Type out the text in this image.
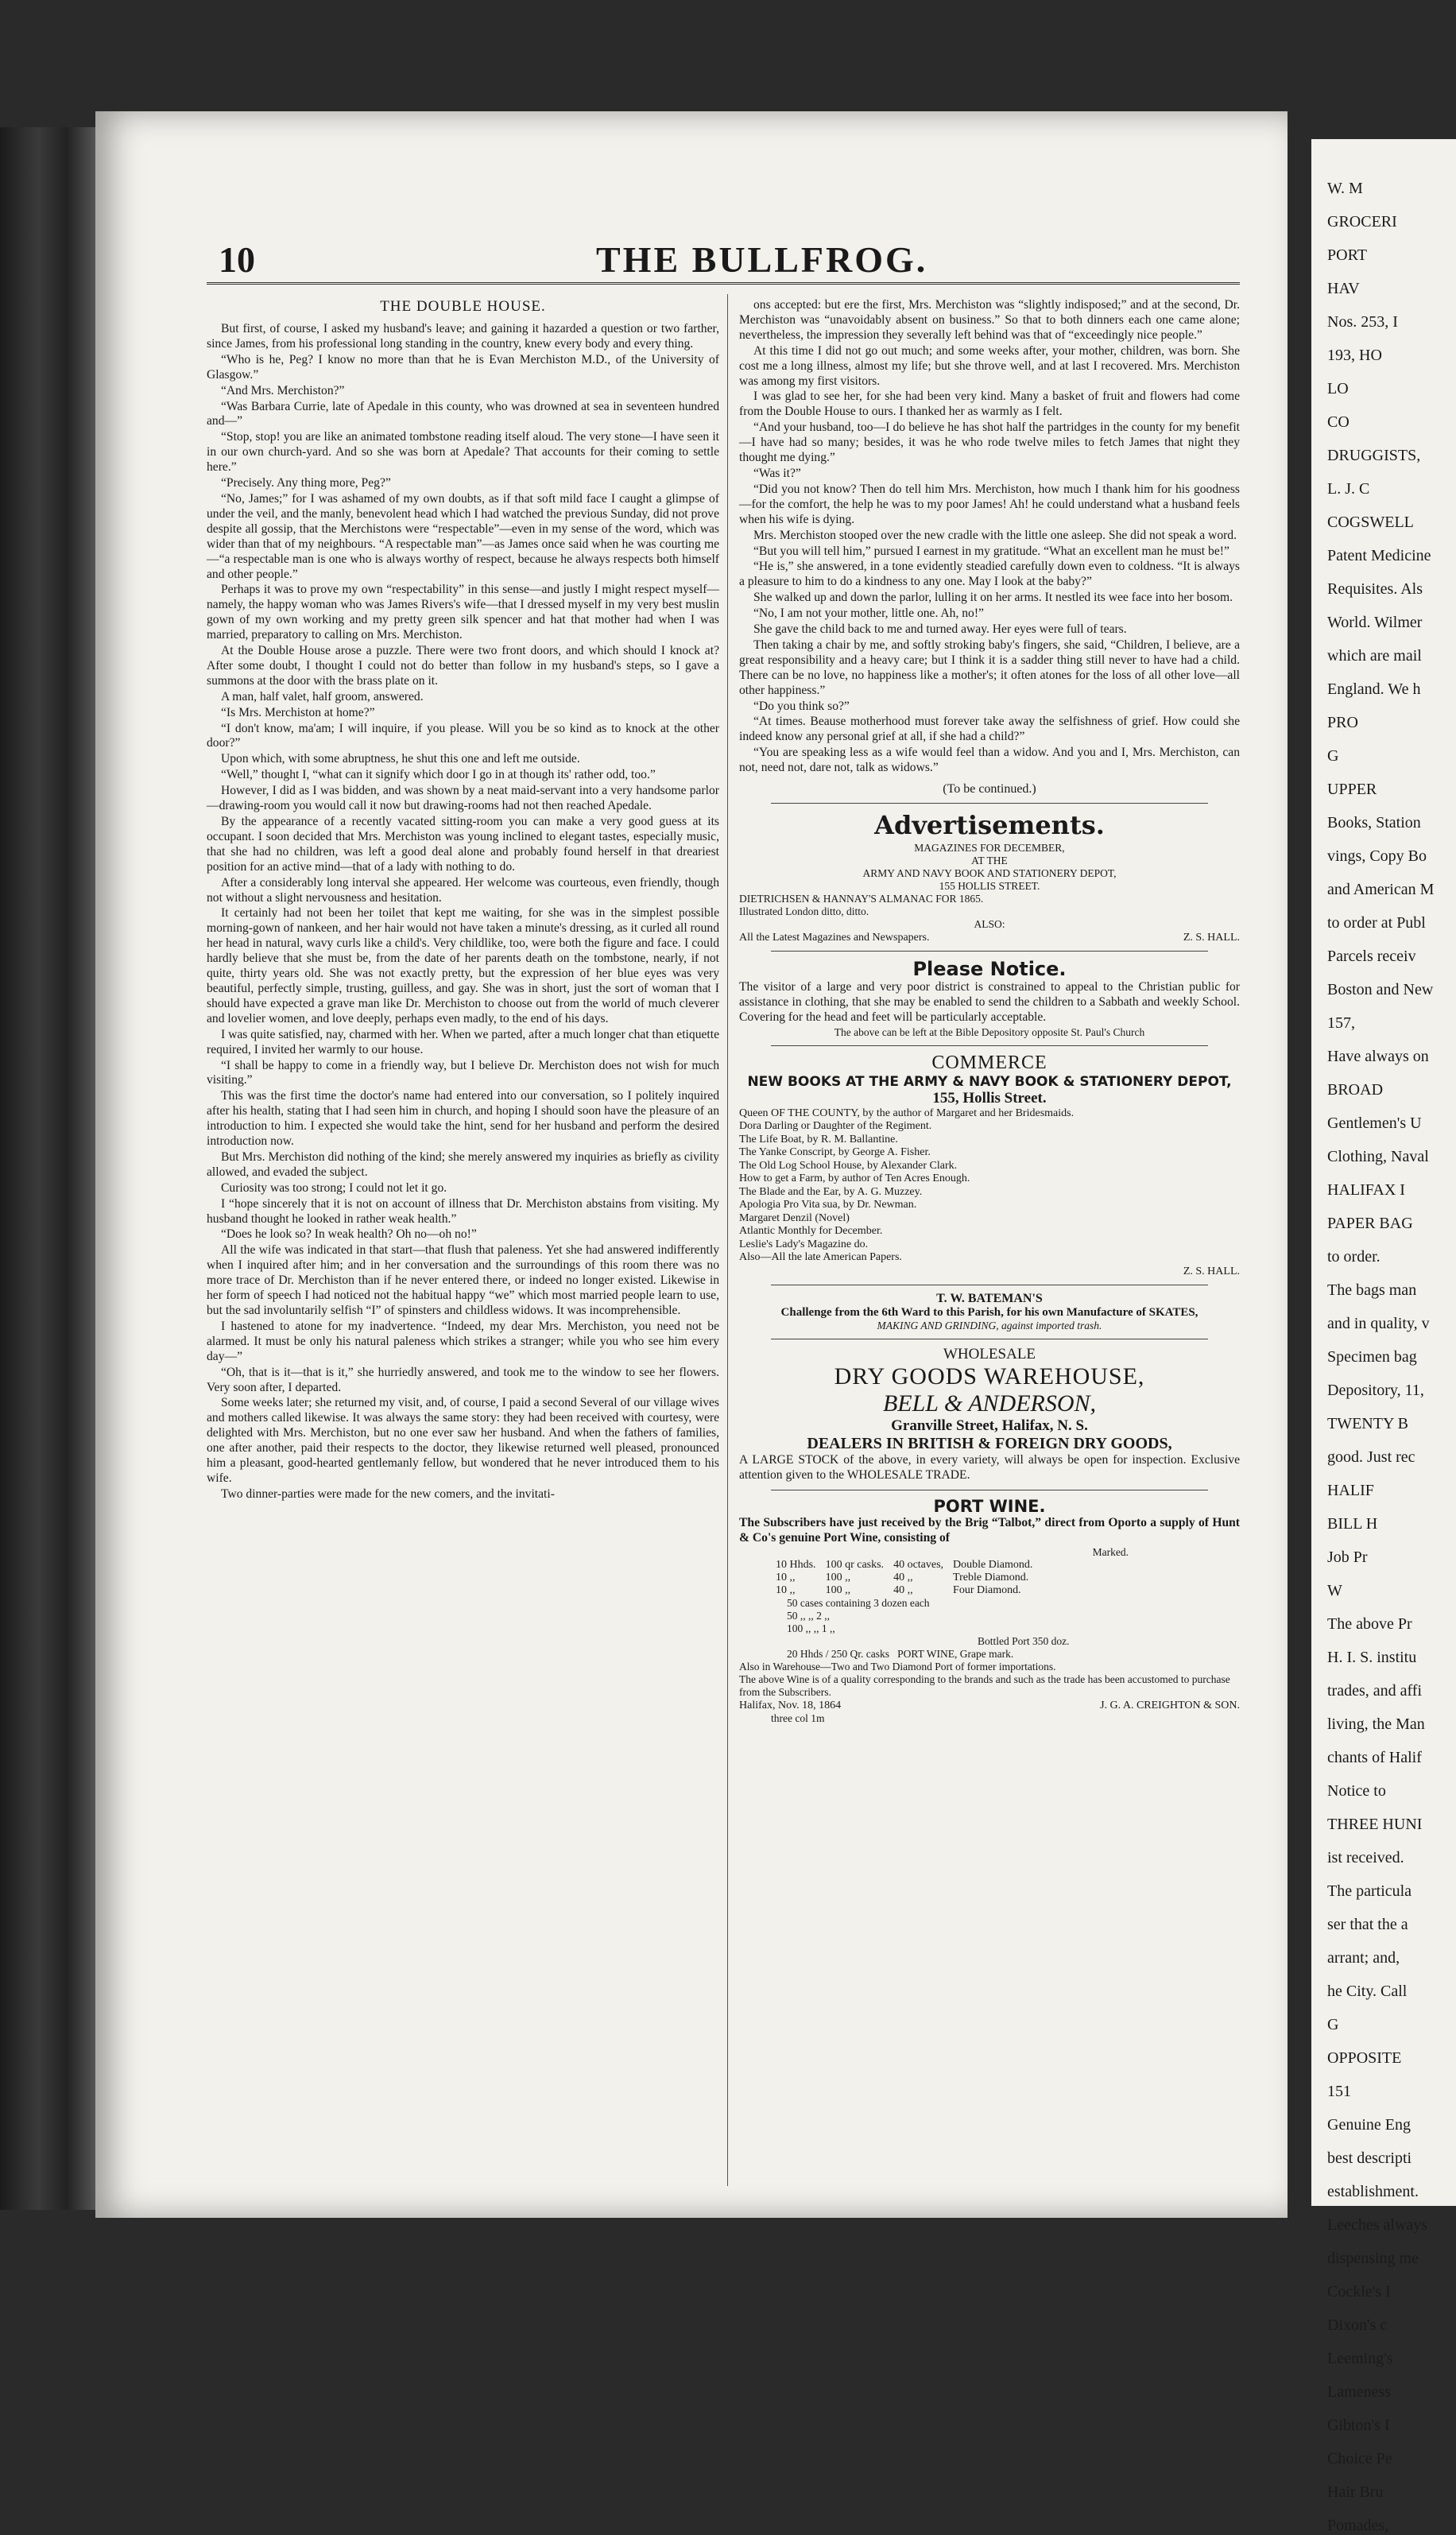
10	THE BULLFROG.
THE DOUBLE HOUSE.

But first, of course, I asked my husband's leave; and gaining it hazarded a question or two farther, since James, from his professional long standing in the country, knew every body and every thing.

“Who is he, Peg? I know no more than that he is Evan Merchiston M.D., of the University of Glasgow.”

“And Mrs. Merchiston?”

“Was Barbara Currie, late of Apedale in this county, who was drowned at sea in seventeen hundred and—”

“Stop, stop! you are like an animated tombstone reading itself aloud. The very stone—I have seen it in our own church-yard. And so she was born at Apedale? That accounts for their coming to settle here.”

“Precisely. Any thing more, Peg?”

“No, James;” for I was ashamed of my own doubts, as if that soft mild face I caught a glimpse of under the veil, and the manly, benevolent head which I had watched the previous Sunday, did not prove despite all gossip, that the Merchistons were “respectable”—even in my sense of the word, which was wider than that of my neighbours. “A respectable man”—as James once said when he was courting me—“a respectable man is one who is always worthy of respect, because he always respects both himself and other people.”

Perhaps it was to prove my own “respectability” in this sense—and justly I might respect myself—namely, the happy woman who was James Rivers's wife—that I dressed myself in my very best muslin gown of my own working and my pretty green silk spencer and hat that mother had when I was married, preparatory to calling on Mrs. Merchiston.

At the Double House arose a puzzle. There were two front doors, and which should I knock at? After some doubt, I thought I could not do better than follow in my husband's steps, so I gave a summons at the door with the brass plate on it.

A man, half valet, half groom, answered.

“Is Mrs. Merchiston at home?”

“I don't know, ma'am; I will inquire, if you please. Will you be so kind as to knock at the other door?”

Upon which, with some abruptness, he shut this one and left me outside.

“Well,” thought I, “what can it signify which door I go in at though its' rather odd, too.”

However, I did as I was bidden, and was shown by a neat maid-servant into a very handsome parlor—drawing-room you would call it now but drawing-rooms had not then reached Apedale.

By the appearance of a recently vacated sitting-room you can make a very good guess at its occupant. I soon decided that Mrs. Merchiston was young inclined to elegant tastes, especially music, that she had no children, was left a good deal alone and probably found herself in that dreariest position for an active mind—that of a lady with nothing to do.

After a considerably long interval she appeared. Her welcome was courteous, even friendly, though not without a slight nervousness and hesitation.

It certainly had not been her toilet that kept me waiting, for she was in the simplest possible morning-gown of nankeen, and her hair would not have taken a minute's dressing, as it curled all round her head in natural, wavy curls like a child's. Very childlike, too, were both the figure and face. I could hardly believe that she must be, from the date of her parents death on the tombstone, nearly, if not quite, thirty years old. She was not exactly pretty, but the expression of her blue eyes was very beautiful, perfectly simple, trusting, guilless, and gay. She was in short, just the sort of woman that I should have expected a grave man like Dr. Merchiston to choose out from the world of much cleverer and lovelier women, and love deeply, perhaps even madly, to the end of his days.

I was quite satisfied, nay, charmed with her. When we parted, after a much longer chat than etiquette required, I invited her warmly to our house.

“I shall be happy to come in a friendly way, but I believe Dr. Merchiston does not wish for much visiting.”

This was the first time the doctor's name had entered into our conversation, so I politely inquired after his health, stating that I had seen him in church, and hoping I should soon have the pleasure of an introduction to him. I expected she would take the hint, send for her husband and perform the desired introduction now.

But Mrs. Merchiston did nothing of the kind; she merely answered my inquiries as briefly as civility allowed, and evaded the subject.

Curiosity was too strong; I could not let it go.

I “hope sincerely that it is not on account of illness that Dr. Merchiston abstains from visiting. My husband thought he looked in rather weak health.”

“Does he look so? In weak health? Oh no—oh no!”

All the wife was indicated in that start—that flush that paleness. Yet she had answered indifferently when I inquired after him; and in her conversation and the surroundings of this room there was no more trace of Dr. Merchiston than if he never entered there, or indeed no longer existed. Likewise in her form of speech I had noticed not the habitual happy “we” which most married people learn to use, but the sad involuntarily selfish “I” of spinsters and childless widows. It was incomprehensible.

I hastened to atone for my inadvertence. “Indeed, my dear Mrs. Merchiston, you need not be alarmed. It must be only his natural paleness which strikes a stranger; while you who see him every day—”

“Oh, that is it—that is it,” she hurriedly answered, and took me to the window to see her flowers. Very soon after, I departed.

Some weeks later; she returned my visit, and, of course, I paid a second Several of our village wives and mothers called likewise. It was always the same story: they had been received with courtesy, were delighted with Mrs. Merchiston, but no one ever saw her husband. And when the fathers of families, one after another, paid their respects to the doctor, they likewise returned well pleased, pronounced him a pleasant, good-hearted gentlemanly fellow, but wondered that he never introduced them to his wife.

Two dinner-parties were made for the new comers, and the invitati-

ons accepted: but ere the first, Mrs. Merchiston was “slightly indisposed;” and at the second, Dr. Merchiston was “unavoidably absent on business.” So that to both dinners each one came alone; nevertheless, the impression they severally left behind was that of “exceedingly nice people.”

At this time I did not go out much; and some weeks after, your mother, children, was born. She cost me a long illness, almost my life; but she throve well, and at last I recovered. Mrs. Merchiston was among my first visitors.

I was glad to see her, for she had been very kind. Many a basket of fruit and flowers had come from the Double House to ours. I thanked her as warmly as I felt.

“And your husband, too—I do believe he has shot half the partridges in the county for my benefit—I have had so many; besides, it was he who rode twelve miles to fetch James that night they thought me dying.”

“Was it?”

“Did you not know? Then do tell him Mrs. Merchiston, how much I thank him for his goodness—for the comfort, the help he was to my poor James! Ah! he could understand what a husband feels when his wife is dying.

Mrs. Merchiston stooped over the new cradle with the little one asleep. She did not speak a word.

“But you will tell him,” pursued I earnest in my gratitude. “What an excellent man he must be!”

“He is,” she answered, in a tone evidently steadied carefully down even to coldness. “It is always a pleasure to him to do a kindness to any one. May I look at the baby?”

She walked up and down the parlor, lulling it on her arms. It nestled its wee face into her bosom.

“No, I am not your mother, little one. Ah, no!”

She gave the child back to me and turned away. Her eyes were full of tears.

Then taking a chair by me, and softly stroking baby's fingers, she said, “Children, I believe, are a great responsibility and a heavy care; but I think it is a sadder thing still never to have had a child. There can be no love, no happiness like a mother's; it often atones for the loss of all other love—all other happiness.”

“Do you think so?”

“At times. Beause motherhood must forever take away the selfishness of grief. How could she indeed know any personal grief at all, if she had a child?”

“You are speaking less as a wife would feel than a widow. And you and I, Mrs. Merchiston, can not, need not, dare not, talk as widows.”

(To be continued.)
Advertisements.
MAGAZINES FOR DECEMBER,
AT THE
ARMY AND NAVY BOOK AND STATIONERY DEPOT,
155 HOLLIS STREET.
DIETRICHSEN & HANNAY'S ALMANAC FOR 1865.
Illustrated London ditto, ditto.
ALSO:
All the Latest Magazines and Newspapers.	Z. S. HALL.
Please Notice.

The visitor of a large and very poor district is constrained to appeal to the Christian public for assistance in clothing, that she may be enabled to send the children to a Sabbath and weekly School. Covering for the head and feet will be particularly acceptable.

The above can be left at the Bible Depository opposite St. Paul's Church
COMMERCE
NEW BOOKS AT THE ARMY & NAVY BOOK & STATIONERY DEPOT,
155, Hollis Street.
Queen OF THE COUNTY, by the author of Margaret and her Bridesmaids.
Dora Darling or Daughter of the Regiment.
The Life Boat, by R. M. Ballantine.
The Yanke Conscript, by George A. Fisher.
The Old Log School House, by Alexander Clark.
How to get a Farm, by author of Ten Acres Enough.
The Blade and the Ear, by A. G. Muzzey.
Apologia Pro Vita sua, by Dr. Newman.
Margaret Denzil (Novel)
Atlantic Monthly for December.
Leslie's Lady's Magazine do.
Also—All the late American Papers.
Z. S. HALL.
T. W. BATEMAN'S
Challenge from the 6th Ward to this Parish, for his own Manufacture of SKATES,
MAKING AND GRINDING, against imported trash.
WHOLESALE
DRY GOODS WAREHOUSE,
BELL & ANDERSON,
Granville Street, Halifax, N. S.
DEALERS IN BRITISH & FOREIGN DRY GOODS,

A LARGE STOCK of the above, in every variety, will always be open for inspection. Exclusive attention given to the WHOLESALE TRADE.

PORT WINE.

The Subscribers have just received by the Brig “Talbot,” direct from Oporto a supply of Hunt & Co's genuine Port Wine, consisting of

Marked.
10 Hhds.	100 qr casks.	40 octaves,	Double Diamond.
10 ,,	100 ,,	40 ,,	Treble Diamond.
10 ,,	100 ,,	40 ,,	Four Diamond.
50 cases containing 3 dozen each
50 ,, ,, 2 ,,
100 ,, ,, 1 ,,
Bottled Port 350 doz.
20 Hhds / 250 Qr. casks PORT WINE, Grape mark.
Also in Warehouse—Two and Two Diamond Port of former importations.
The above Wine is of a quality corresponding to the brands and such as the trade has been accustomed to purchase from the Subscribers.
Halifax, Nov. 18, 1864	J. G. A. CREIGHTON & SON.
three col 1m
W. M
GROCERI
PORT
HAV
Nos. 253, I
193, HO
LO
CO
DRUGGISTS,
L. J. C
COGSWELL
Patent Medicine
Requisites. Als
World. Wilmer
which are mail
England. We h
PRO
G
UPPER
Books, Station
vings, Copy Bo
and American M
to order at Publ
Parcels receiv
Boston and New
157,
Have always on
BROAD
Gentlemen's U
Clothing, Naval
HALIFAX I
PAPER BAG
to order.
The bags man
and in quality, v
Specimen bag
Depository, 11,
TWENTY B
good. Just rec
HALIF
BILL H
Job Pr
W
The above Pr
H. I. S. institu
trades, and affi
living, the Man
chants of Halif
Notice to
THREE HUNI
ist received.
The particula
ser that the a
arrant; and,
he City. Call
G
OPPOSITE
151
Genuine Eng
best descripti
establishment.
Leeches always
dispensing me
Cockle's I
Dixon's c
Leeming's
Lameness
Gibton's I
Choice Pe
Hair Bru
Pomades,
